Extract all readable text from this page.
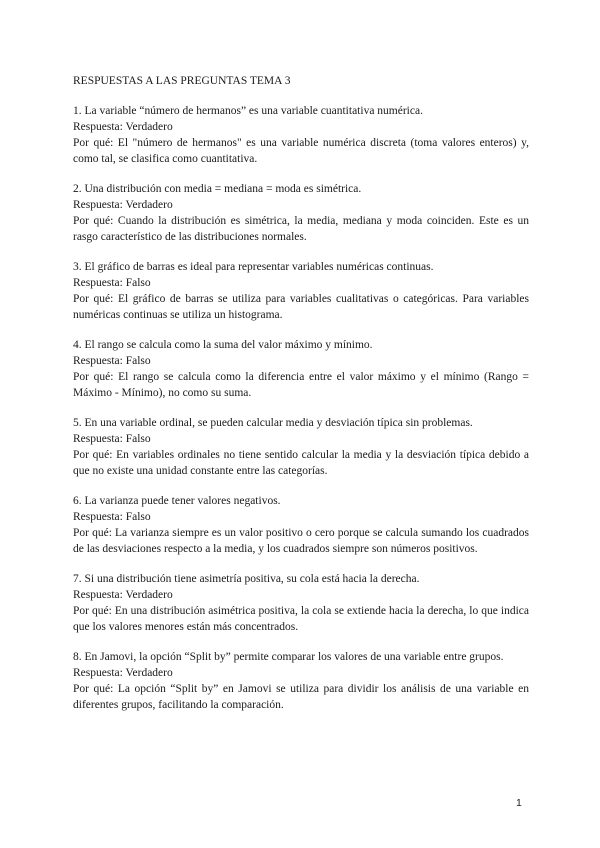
RESPUESTAS A LAS PREGUNTAS TEMA 3

1. La variable “número de hermanos” es una variable cuantitativa numérica.

Respuesta: Verdadero

Por qué: El "número de hermanos" es una variable numérica discreta (toma valores enteros) y, como tal, se clasifica como cuantitativa.

2. Una distribución con media = mediana = moda es simétrica.

Respuesta: Verdadero

Por qué: Cuando la distribución es simétrica, la media, mediana y moda coinciden. Este es un rasgo característico de las distribuciones normales.

3. El gráfico de barras es ideal para representar variables numéricas continuas.

Respuesta: Falso

Por qué: El gráfico de barras se utiliza para variables cualitativas o categóricas. Para variables numéricas continuas se utiliza un histograma.

4. El rango se calcula como la suma del valor máximo y mínimo.

Respuesta: Falso

Por qué: El rango se calcula como la diferencia entre el valor máximo y el mínimo (Rango = Máximo - Mínimo), no como su suma.

5. En una variable ordinal, se pueden calcular media y desviación típica sin problemas.

Respuesta: Falso

Por qué: En variables ordinales no tiene sentido calcular la media y la desviación típica debido a que no existe una unidad constante entre las categorías.

6. La varianza puede tener valores negativos.

Respuesta: Falso

Por qué: La varianza siempre es un valor positivo o cero porque se calcula sumando los cuadrados de las desviaciones respecto a la media, y los cuadrados siempre son números positivos.

7. Si una distribución tiene asimetría positiva, su cola está hacia la derecha.

Respuesta: Verdadero

Por qué: En una distribución asimétrica positiva, la cola se extiende hacia la derecha, lo que indica que los valores menores están más concentrados.

8. En Jamovi, la opción “Split by” permite comparar los valores de una variable entre grupos.

Respuesta: Verdadero

Por qué: La opción “Split by” en Jamovi se utiliza para dividir los análisis de una variable en diferentes grupos, facilitando la comparación.

1
